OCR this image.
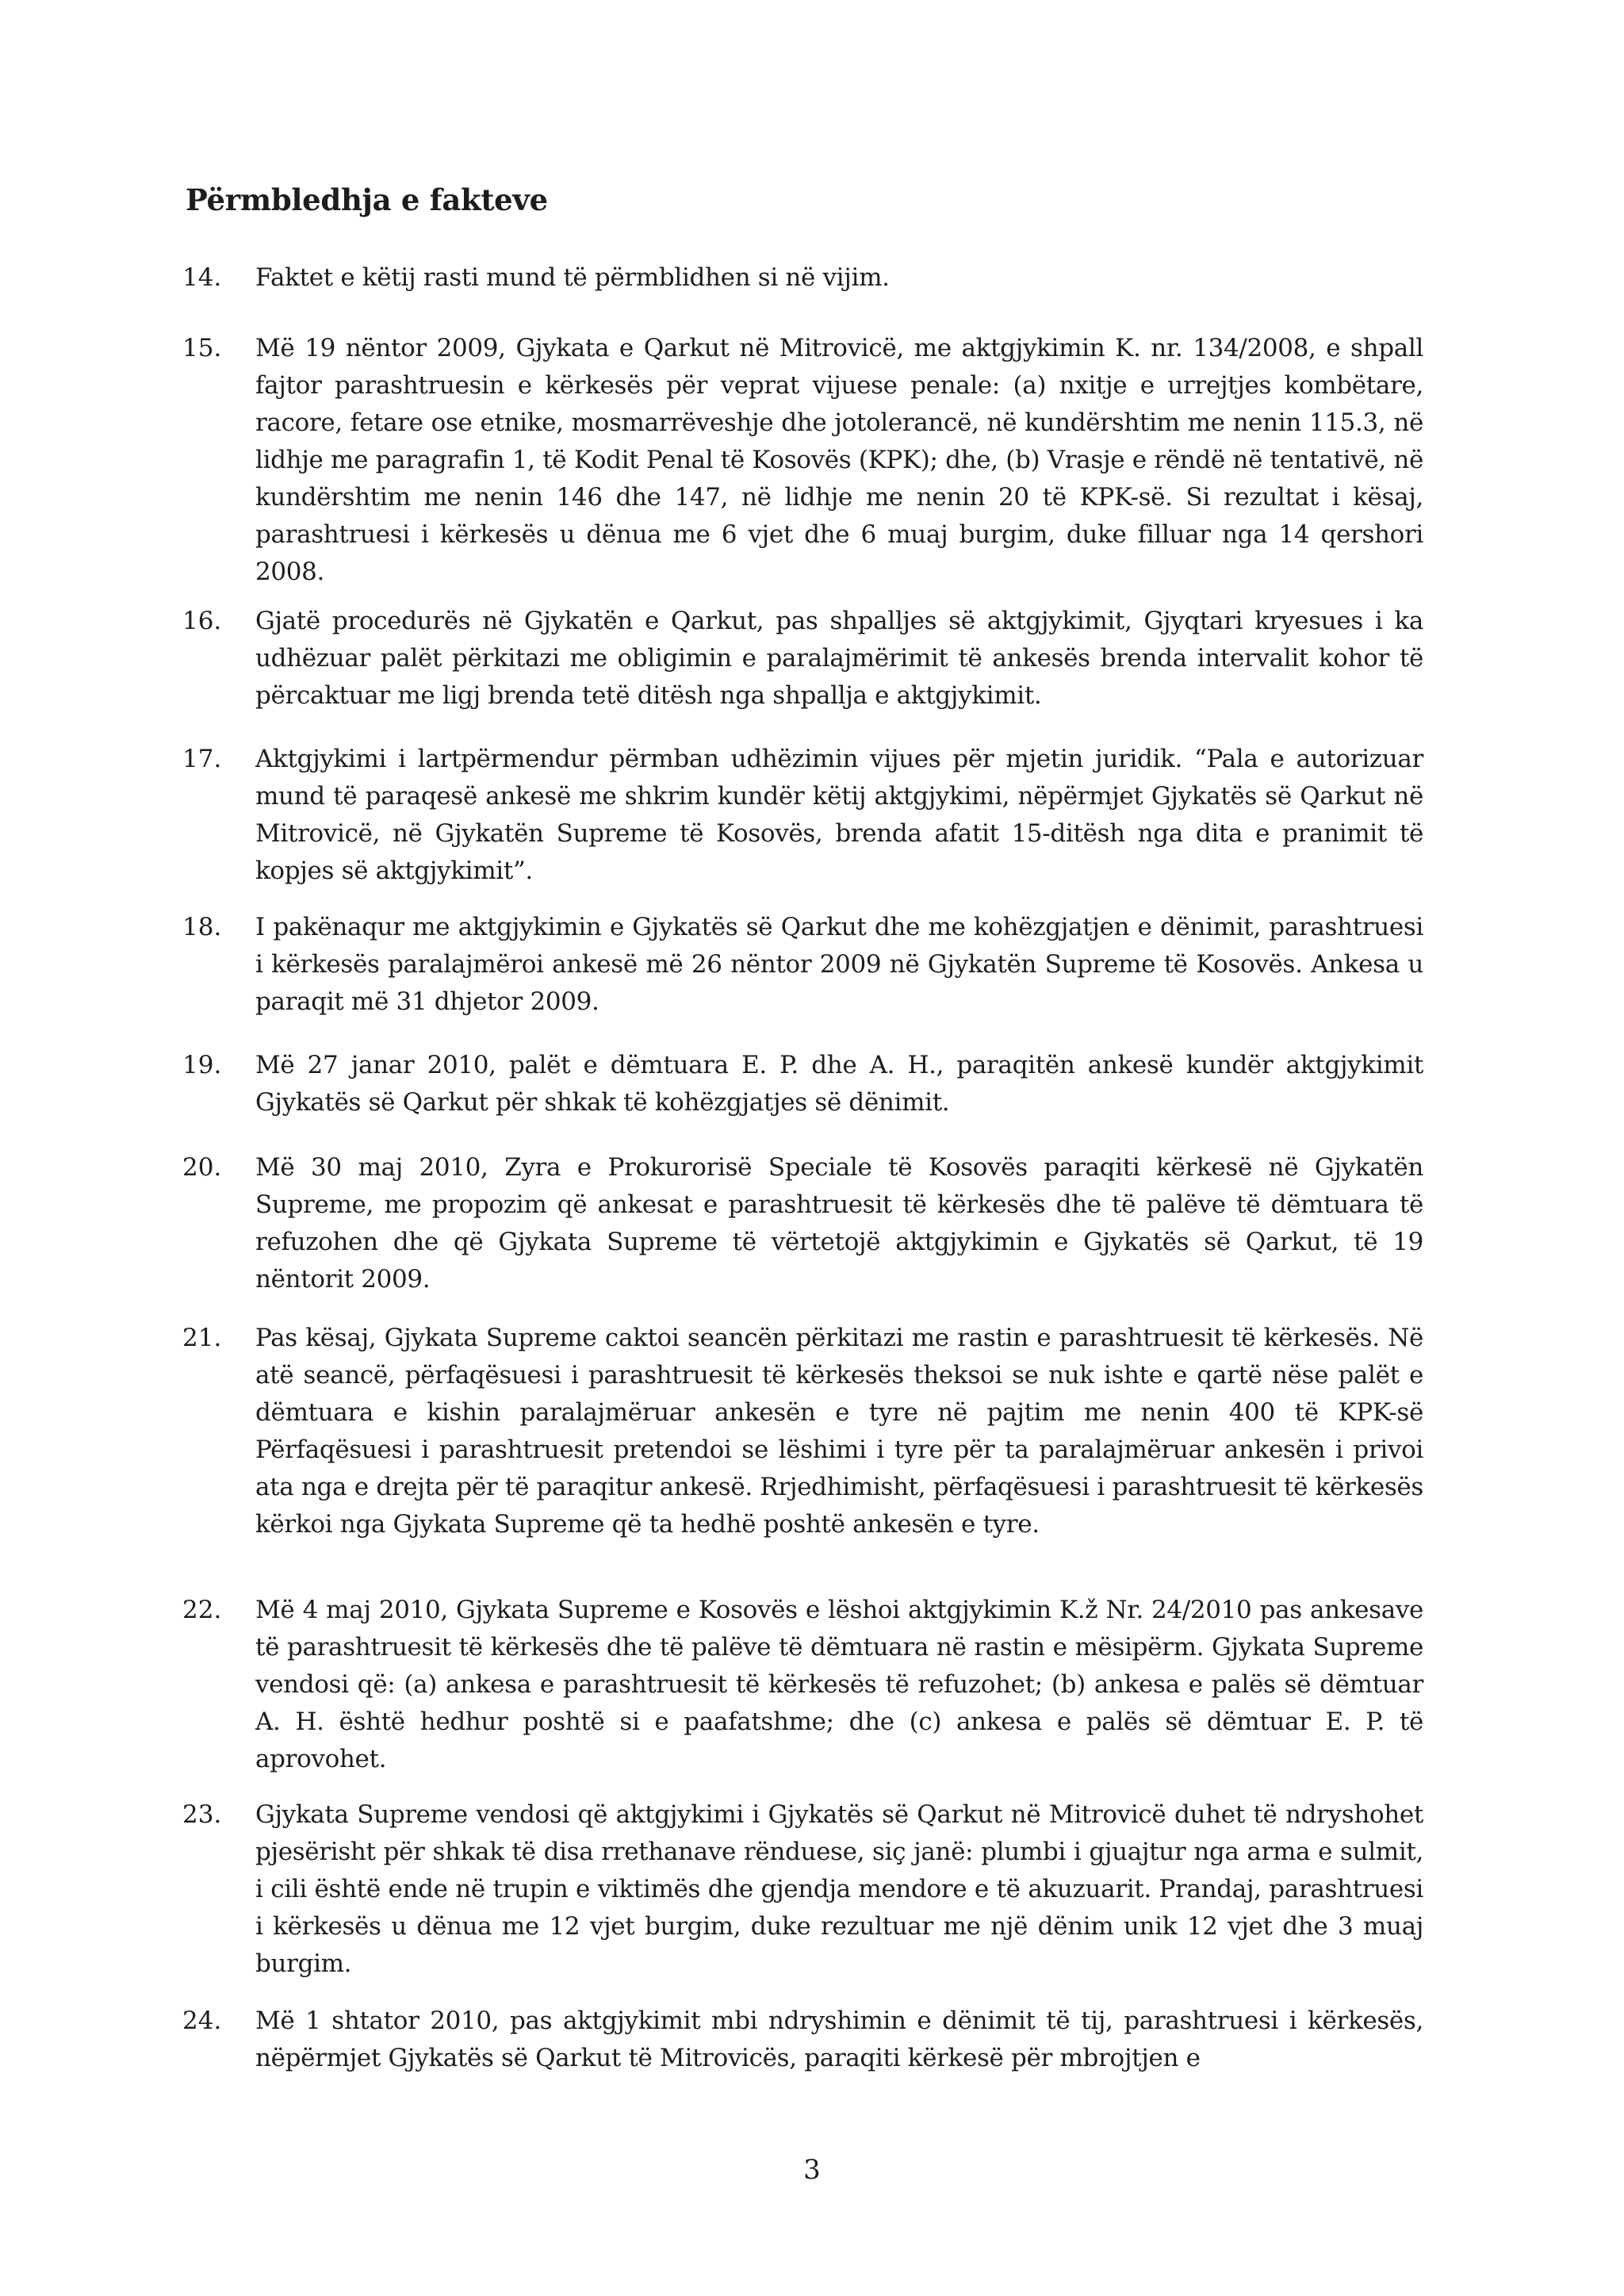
Përmbledhja e fakteve
14.	Faktet e këtij rasti mund të përmblidhen si në vijim.
15.	Më 19 nëntor 2009, Gjykata e Qarkut në Mitrovicë, me aktgjykimin K. nr. 134/2008, e shpall fajtor parashtruesin e kërkesës për veprat vijuese penale: (a) nxitje e urrejtjes kombëtare, racore, fetare ose etnike, mosmarrëveshje dhe jotolerancë, në kundërshtim me nenin 115.3, në lidhje me paragrafin 1, të Kodit Penal të Kosovës (KPK); dhe, (b) Vrasje e rëndë në tentativë, në kundërshtim me nenin 146 dhe 147, në lidhje me nenin 20 të KPK-së. Si rezultat i kësaj, parashtruesi i kërkesës u dënua me 6 vjet dhe 6 muaj burgim, duke filluar nga 14 qershori 2008.
16.	Gjatë procedurës në Gjykatën e Qarkut, pas shpalljes së aktgjykimit, Gjyqtari kryesues i ka udhëzuar palët përkitazi me obligimin e paralajmërimit të ankesës brenda intervalit kohor të përcaktuar me ligj brenda tetë ditësh nga shpallja e aktgjykimit.
17.	Aktgjykimi i lartpërmendur përmban udhëzimin vijues për mjetin juridik. “Pala e autorizuar mund të paraqesë ankesë me shkrim kundër këtij aktgjykimi, nëpërmjet Gjykatës së Qarkut në Mitrovicë, në Gjykatën Supreme të Kosovës, brenda afatit 15-ditësh nga dita e pranimit të kopjes së aktgjykimit”.
18.	I pakënaqur me aktgjykimin e Gjykatës së Qarkut dhe me kohëzgjatjen e dënimit, parashtruesi i kërkesës paralajmëroi ankesë më 26 nëntor 2009 në Gjykatën Supreme të Kosovës. Ankesa u paraqit më 31 dhjetor 2009.
19.	Më 27 janar 2010, palët e dëmtuara E. P. dhe A. H., paraqitën ankesë kundër aktgjykimit Gjykatës së Qarkut për shkak të kohëzgjatjes së dënimit.
20.	Më 30 maj 2010, Zyra e Prokurorisë Speciale të Kosovës paraqiti kërkesë në Gjykatën Supreme, me propozim që ankesat e parashtruesit të kërkesës dhe të palëve të dëmtuara të refuzohen dhe që Gjykata Supreme të vërtetojë aktgjykimin e Gjykatës së Qarkut, të 19 nëntorit 2009.
21.	Pas kësaj, Gjykata Supreme caktoi seancën përkitazi me rastin e parashtruesit të kërkesës. Në atë seancë, përfaqësuesi i parashtruesit të kërkesës theksoi se nuk ishte e qartë nëse palët e dëmtuara e kishin paralajmëruar ankesën e tyre në pajtim me nenin 400 të KPK-së Përfaqësuesi i parashtruesit pretendoi se lëshimi i tyre për ta paralajmëruar ankesën i privoi ata nga e drejta për të paraqitur ankesë. Rrjedhimisht, përfaqësuesi i parashtruesit të kërkesës kërkoi nga Gjykata Supreme që ta hedhë poshtë ankesën e tyre.
22.	Më 4 maj 2010, Gjykata Supreme e Kosovës e lëshoi aktgjykimin K.ž Nr. 24/2010 pas ankesave të parashtruesit të kërkesës dhe të palëve të dëmtuara në rastin e mësipërm. Gjykata Supreme vendosi që: (a) ankesa e parashtruesit të kërkesës të refuzohet; (b) ankesa e palës së dëmtuar A. H. është hedhur poshtë si e paafatshme; dhe (c) ankesa e palës së dëmtuar E. P. të aprovohet.
23.	Gjykata Supreme vendosi që aktgjykimi i Gjykatës së Qarkut në Mitrovicë duhet të ndryshohet pjesërisht për shkak të disa rrethanave rënduese, siç janë: plumbi i gjuajtur nga arma e sulmit, i cili është ende në trupin e viktimës dhe gjendja mendore e të akuzuarit. Prandaj, parashtruesi i kërkesës u dënua me 12 vjet burgim, duke rezultuar me një dënim unik 12 vjet dhe 3 muaj burgim.
24.	Më 1 shtator 2010, pas aktgjykimit mbi ndryshimin e dënimit të tij, parashtruesi i kërkesës, nëpërmjet Gjykatës së Qarkut të Mitrovicës, paraqiti kërkesë për mbrojtjen e
3
